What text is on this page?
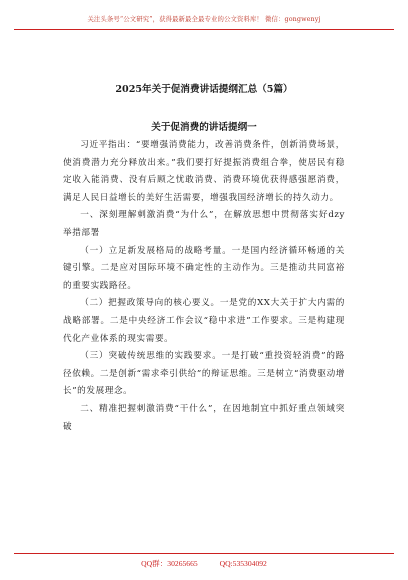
关注头条号“公文研究”，获得最新最全最专业的公文资料库！ 微信：gongwenyj
2025年关于促消费讲话提纲汇总（5篇）
关于促消费的讲话提纲一

习近平指出：“要增强消费能力，改善消费条件，创新消费场景，使消费潜力充分释放出来。”我们要打好提振消费组合拳，使居民有稳定收入能消费、没有后顾之忧敢消费、消费环境优获得感强愿消费，满足人民日益增长的美好生活需要，增强我国经济增长的持久动力。

一、深刻理解刺激消费“为什么”，在解放思想中贯彻落实好dzy举措部署

（一）立足新发展格局的战略考量。一是国内经济循环畅通的关键引擎。二是应对国际环境不确定性的主动作为。三是推动共同富裕的重要实践路径。

（二）把握政策导向的核心要义。一是党的XX大关于扩大内需的战略部署。二是中央经济工作会议“稳中求进”工作要求。三是构建现代化产业体系的现实需要。

（三）突破传统思维的实践要求。一是打破“重投资轻消费”的路径依赖。二是创新“需求牵引供给”的辩证思维。三是树立“消费驱动增长”的发展理念。

二、精准把握刺激消费“干什么”，在因地制宜中抓好重点领域突破

QQ群：30265665	QQ:535304092
